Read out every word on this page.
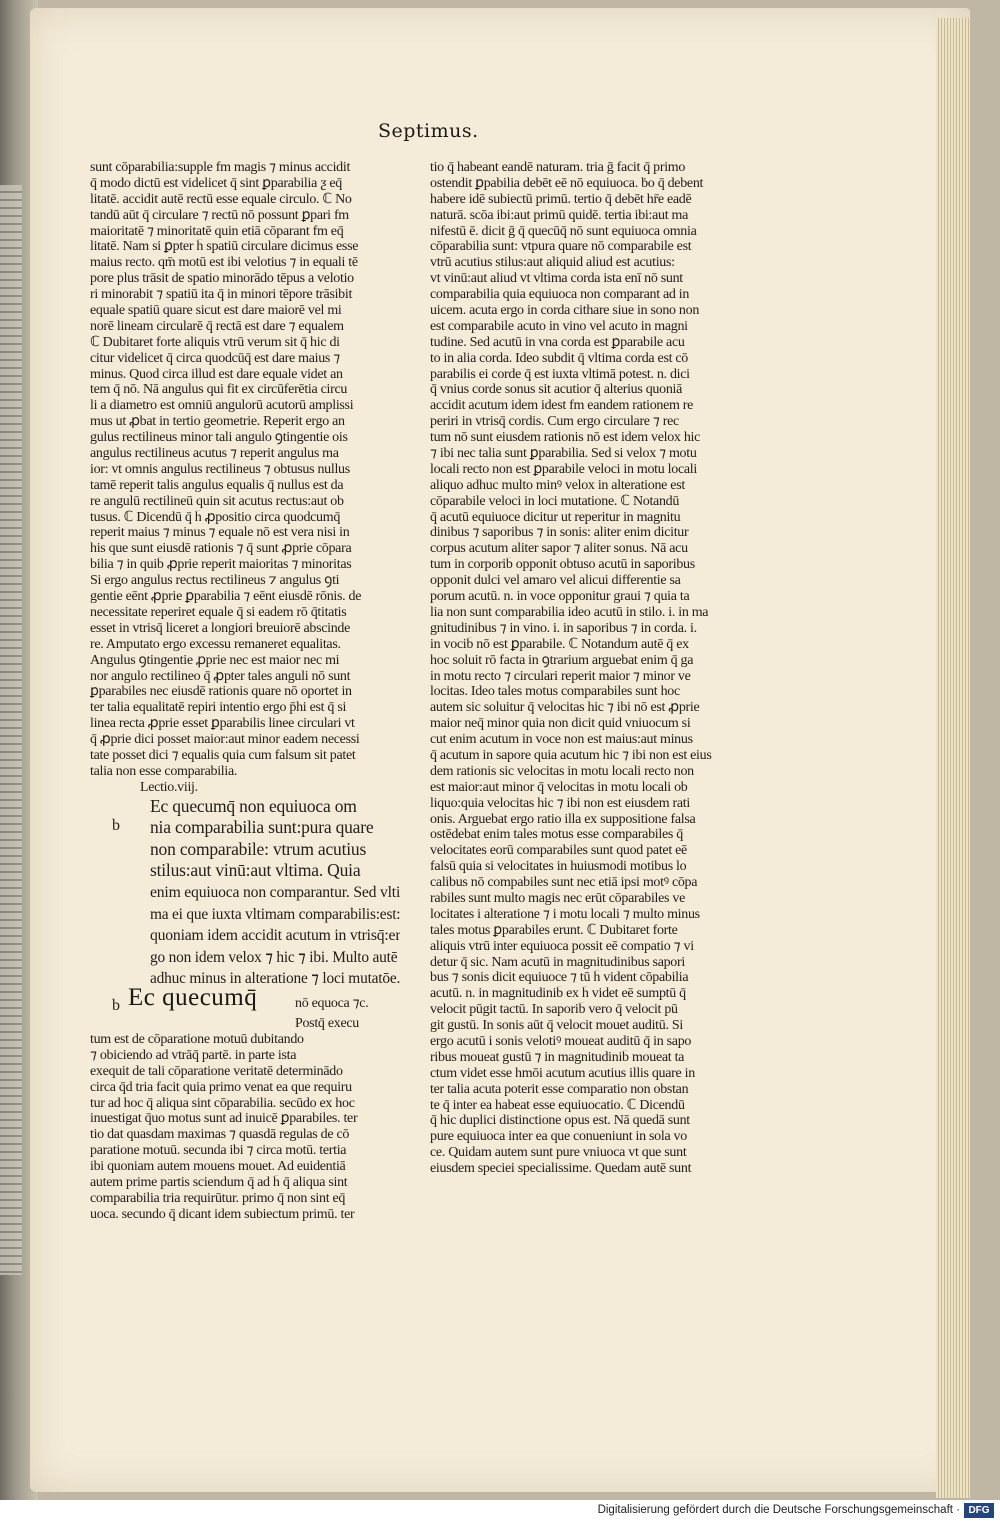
Septimus.
sunt cōparabilia:supple fm magis ⁊ minus accidit
q̄ modo dictū est videlicet q̄ sint ꝑparabilia ƺ eq̄
litatē. accidit autē rectū esse equale circulo. ℂ No
tandū aūt q̄ circulare ⁊ rectū nō possunt ꝑpari fm
maioritatē ⁊ minoritatē quin etiā cōparant fm eq̄
litatē. Nam si ꝑpter h̄ spatiū circulare dicimus esse
maius recto. qm̄ motū est ibi velotius ⁊ in equali tē
pore plus trāsit de spatio minorādo tēpus a velotio
ri minorabit ⁊ spatiū ita q̄ in minori tēpore trāsibit
equale spatiū quare sicut est dare maiorē vel mi
norē lineam circularē q̄ rectā est dare ⁊ equalem
ℂ Dubitaret forte aliquis vtrū verum sit q̄ hic di
citur videlicet q̄ circa quodcūq̄ est dare maius ⁊
minus. Quod circa illud est dare equale videt an
tem q̄ nō. Nā angulus qui fit ex circūferētia circu
li a diametro est omniū angulorū acutorū amplissi
mus ut ꝓbat in tertio geometrie. Reperit ergo an
gulus rectilineus minor tali angulo ꝯtingentie ois
angulus rectilineus acutus ⁊ reperit angulus ma
ior: vt omnis angulus rectilineus ⁊ obtusus nullus
tamē reperit talis angulus equalis q̄ nullus est da
re angulū rectilineū quin sit acutus rectus:aut ob
tusus. ℂ Dicendū q̄ h̄ ꝓpositio circa quodcumq̄
reperit maius ⁊ minus ⁊ equale nō est vera nisi in
his que sunt eiusdē rationis ⁊ q̄ sunt ꝓprie cōpara
bilia ⁊ in quib̄ ꝓprie reperit maioritas ⁊ minoritas
Si ergo angulus rectus rectilineus ⁊ angulus ꝯti
gentie eēnt ꝓprie ꝑparabilia ⁊ eēnt eiusdē rōnis. de
necessitate reperiret equale q̄ si eadem rō q̄titatis
esset in vtrisq̄ liceret a longiori breuiorē abscinde
re. Amputato ergo excessu remaneret equalitas.
Angulus ꝯtingentie ꝓprie nec est maior nec mi
nor angulo rectilineo q̄ ꝓpter tales anguli nō sunt
ꝑparabiles nec eiusdē rationis quare nō oportet in
ter talia equalitatē repiri intentio ergo p̄hi est q̄ si
linea recta ꝓprie esset ꝑparabilis linee circulari vt
q̄ ꝓprie dici posset maior:aut minor eadem necessi
tate posset dici ⁊ equalis quia cum falsum sit patet
talia non esse comparabilia.
Lectio.viij.
b
Ec quecumq̄ non equiuoca om
nia comparabilia sunt:pura quare
non comparabile: vtrum acutius
stilus:aut vinū:aut vltima. Quia
enim equiuoca non comparantur. Sed vlti
ma ei que iuxta vltimam comparabilis:est:
quoniam idem accidit acutum in vtrisq̄:er
go non idem velox ⁊ hic ⁊ ibi. Multo autē
adhuc minus in alteratione ⁊ loci mutatōe.
b Ec quecumq̄	nō equoca ⁊c.
Postq̄ execu
tum est de cōparatione motuū dubitando
⁊ obiciendo ad vtrāq̄ partē. in parte ista
exequit de tali cōparatione veritatē determinādo
circa q̄d tria facit quia primo venat ea que requiru
tur ad hoc q̄ aliqua sint cōparabilia. secūdo ex hoc
inuestigat q̄uo motus sunt ad inuicē ꝑparabiles. ter
tio dat quasdam maximas ⁊ quasdā regulas de cō
paratione motuū. secunda ibi ⁊ circa motū. tertia
ibi quoniam autem mouens mouet. Ad euidentiā
autem prime partis sciendum q̄ ad h̄ q̄ aliqua sint
comparabilia tria requirūtur. primo q̄ non sint eq̄
uoca. secundo q̄ dicant idem subiectum primū. ter
tio q̄ habeant eandē naturam. tria ḡ facit q̄ primo
ostendit ꝑpabilia debēt eē nō equiuoca. ḃo q̄ debent
habere idē subiectū primū. tertio q̄ debēt hr̄e eadē
naturā. scōa ibi:aut primū quidē. tertia ibi:aut ma
nifestū ē. dicit ḡ q̄ quecūq̄ nō sunt equiuoca omnia
cōparabilia sunt: vtpura quare nō comparabile est
vtrū acutius stilus:aut aliquid aliud est acutius:
vt vinū:aut aliud vt vltima corda ista enī nō sunt
comparabilia quia equiuoca non comparant ad in
uicem. acuta ergo in corda cithare siue in sono non
est comparabile acuto in vino vel acuto in magni
tudine. Sed acutū in vna corda est ꝑparabile acu
to in alia corda. Ideo subdit q̄ vltima corda est cō
parabilis ei corde q̄ est iuxta vltimā potest. n. dici
q̄ vnius corde sonus sit acutior q̄ alterius quoniā
accidit acutum idem idest fm eandem rationem re
periri in vtrisq̄ cordis. Cum ergo circulare ⁊ rec
tum nō sunt eiusdem rationis nō est idem velox hic
⁊ ibi nec talia sunt ꝑparabilia. Sed si velox ⁊ motu
locali recto non est ꝑparabile veloci in motu locali
aliquo adhuc multo minꝰ velox in alteratione est
cōparabile veloci in loci mutatione. ℂ Notandū
q̄ acutū equiuoce dicitur ut reperitur in magnitu
dinibus ⁊ saporibus ⁊ in sonis: aliter enim dicitur
corpus acutum aliter sapor ⁊ aliter sonus. Nā acu
tum in corporib̄ opponit obtuso acutū in saporibus
opponit dulci vel amaro vel alicui differentie sa
porum acutū. n. in voce opponitur graui ⁊ quia ta
lia non sunt comparabilia ideo acutū in stilo. i. in ma
gnitudinibus ⁊ in vino. i. in saporibus ⁊ in corda. i.
in vocib̄ nō est ꝑparabile. ℂ Notandum autē q̄ ex
hoc soluit rō facta in ꝯtrarium arguebat enim q̄ ga
in motu recto ⁊ circulari reperit maior ⁊ minor ve
locitas. Ideo tales motus comparabiles sunt hoc
autem sic soluitur q̄ velocitas hic ⁊ ibi nō est ꝓprie
maior neq̄ minor quia non dicit quid vniuocum si
cut enim acutum in voce non est maius:aut minus
q̄ acutum in sapore quia acutum hic ⁊ ibi non est eius
dem rationis sic velocitas in motu locali recto non
est maior:aut minor q̄ velocitas in motu locali ob
liquo:quia velocitas hic ⁊ ibi non est eiusdem rati
onis. Arguebat ergo ratio illa ex suppositione falsa
ostēdebat enim tales motus esse comparabiles q̄
velocitates eorū comparabiles sunt quod patet eē
falsū quia si velocitates in huiusmodi motibus lo
calibus nō compabiles sunt nec etiā ipsi motꝰ cōpa
rabiles sunt multo magis nec erūt cōparabiles ve
locitates i alteratione ⁊ i motu locali ⁊ multo minus
tales motus ꝑparabiles erunt. ℂ Dubitaret forte
aliquis vtrū inter equiuoca possit eē compatio ⁊ vi
detur q̄ sic. Nam acutū in magnitudinibus sapori
bus ⁊ sonis dicit equiuoce ⁊ tū h̄ vident cōpabilia
acutū. n. in magnitudinib̄ ex h̄ videt eē sumptū q̄
velocit pūgit tactū. In saporib̄ vero q̄ velocit pū
git gustū. In sonis aūt q̄ velocit mouet auditū. Si
ergo acutū i sonis velotiꝰ moueat auditū q̄ in sapo
ribus moueat gustū ⁊ in magnitudinib̄ moueat ta
ctum videt esse hmōi acutum acutius illis quare in
ter talia acuta poterit esse comparatio non obstan
te q̄ inter ea habeat esse equiuocatio. ℂ Dicendū
q̄ hic duplici distinctione opus est. Nā quedā sunt
pure equiuoca inter ea que conueniunt in sola vo
ce. Quidam autem sunt pure vniuoca vt que sunt
eiusdem speciei specialissime. Quedam autē sunt
Digitalisierung gefördert durch die Deutsche Forschungsgemeinschaft · DFG
